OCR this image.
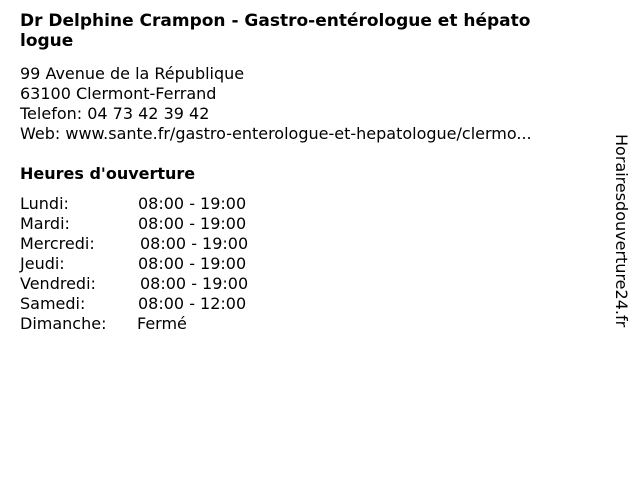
Dr Delphine Crampon - Gastro-entérologue et hépato
logue
99 Avenue de la République
63100 Clermont-Ferrand
Telefon: 04 73 42 39 42
Web: www.sante.fr/gastro-enterologue-et-hepatologue/clermo...
Heures d'ouverture
Lundi:	08:00 - 19:00
Mardi:	08:00 - 19:00
Mercredi:	08:00 - 19:00
Jeudi:	08:00 - 19:00
Vendredi:	08:00 - 19:00
Samedi:	08:00 - 12:00
Dimanche: Fermé	Horairesdouverture24.fr
